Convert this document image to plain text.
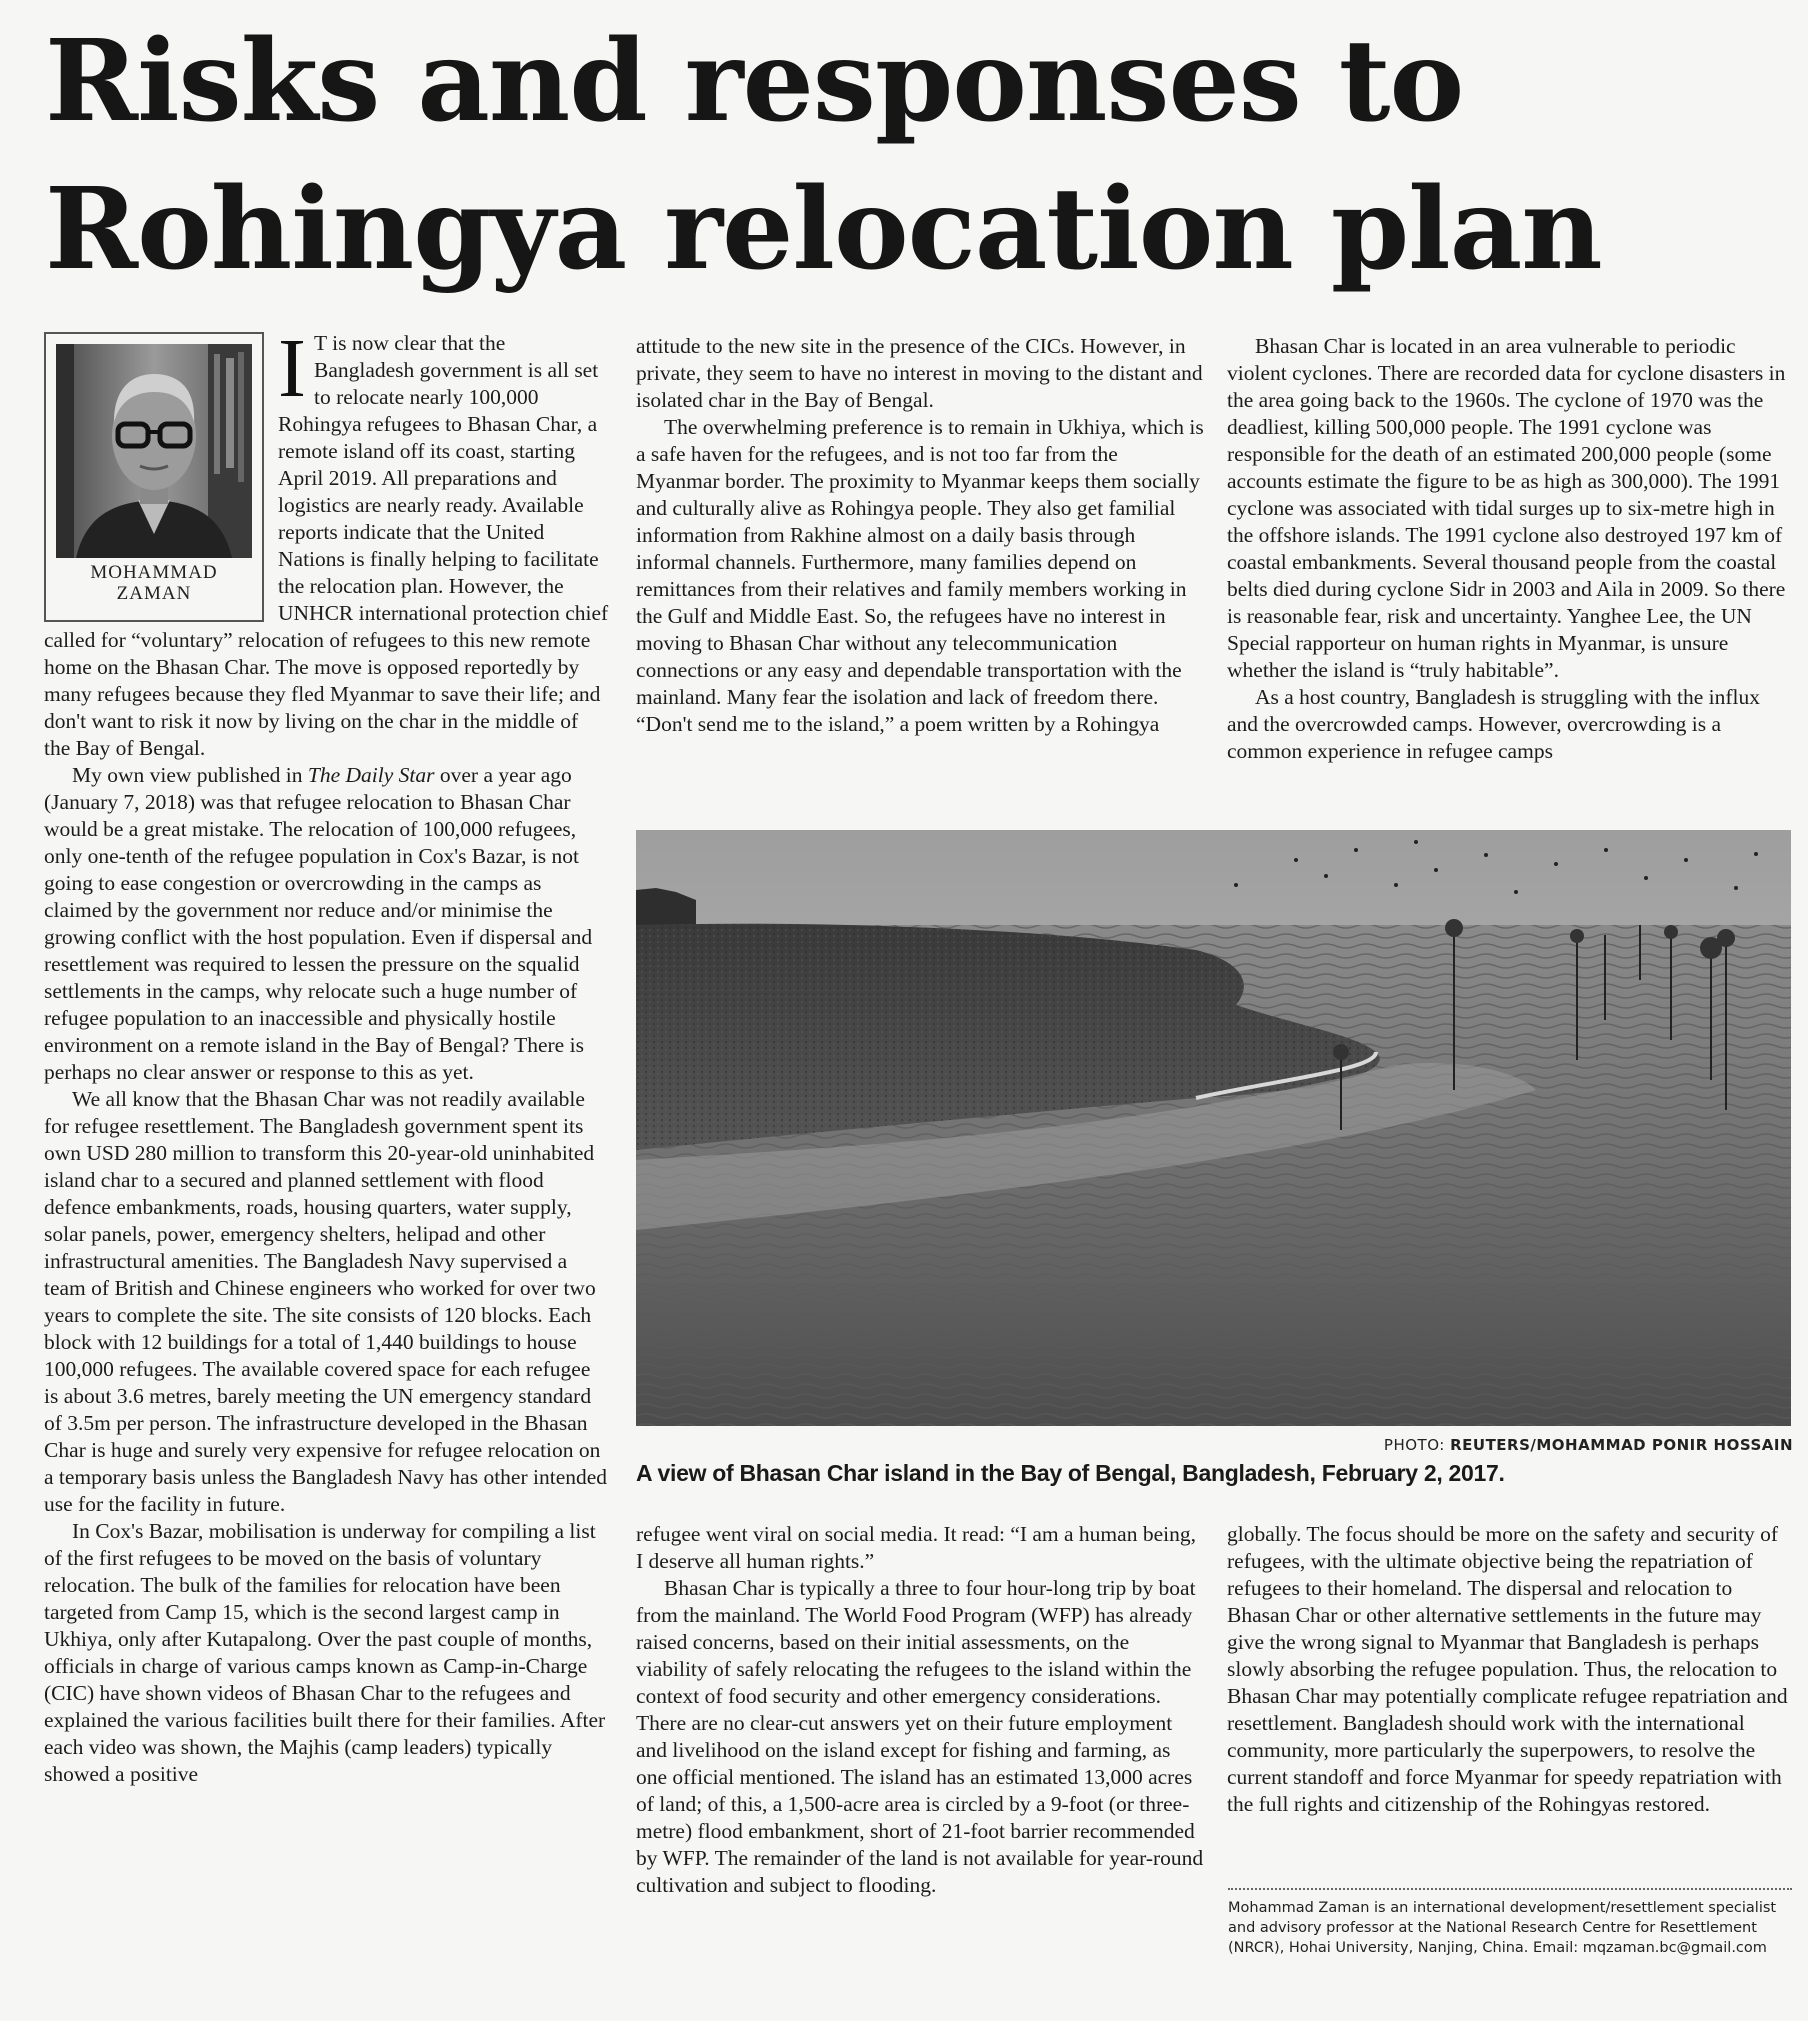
Risks and responses to Rohingya relocation plan
MOHAMMAD
ZAMAN
I T is now clear that the Bangladesh government is all set to relocate nearly 100,000 Rohingya refugees to Bhasan Char, a remote island off its coast, starting April 2019. All preparations and logistics are nearly ready. Available reports indicate that the United Nations is finally helping to facilitate the relocation plan. However, the UNHCR international protection chief called for “voluntary” relocation of refugees to this new remote home on the Bhasan Char. The move is opposed reportedly by many refugees because they fled Myanmar to save their life; and don't want to risk it now by living on the char in the middle of the Bay of Bengal.

My own view published in The Daily Star over a year ago (January 7, 2018) was that refugee relocation to Bhasan Char would be a great mistake. The relocation of 100,000 refugees, only one-tenth of the refugee population in Cox's Bazar, is not going to ease congestion or overcrowding in the camps as claimed by the government nor reduce and/or minimise the growing conflict with the host population. Even if dispersal and resettlement was required to lessen the pressure on the squalid settlements in the camps, why relocate such a huge number of refugee population to an inaccessible and physically hostile environment on a remote island in the Bay of Bengal? There is perhaps no clear answer or response to this as yet.

We all know that the Bhasan Char was not readily available for refugee resettlement. The Bangladesh government spent its own USD 280 million to transform this 20-year-old uninhabited island char to a secured and planned settlement with flood defence embankments, roads, housing quarters, water supply, solar panels, power, emergency shelters, helipad and other infrastructural amenities. The Bangladesh Navy supervised a team of British and Chinese engineers who worked for over two years to complete the site. The site consists of 120 blocks. Each block with 12 buildings for a total of 1,440 buildings to house 100,000 refugees. The available covered space for each refugee is about 3.6 metres, barely meeting the UN emergency standard of 3.5m per person. The infrastructure developed in the Bhasan Char is huge and surely very expensive for refugee relocation on a temporary basis unless the Bangladesh Navy has other intended use for the facility in future.

In Cox's Bazar, mobilisation is underway for compiling a list of the first refugees to be moved on the basis of voluntary relocation. The bulk of the families for relocation have been targeted from Camp 15, which is the second largest camp in Ukhiya, only after Kutapalong. Over the past couple of months, officials in charge of various camps known as Camp-in-Charge (CIC) have shown videos of Bhasan Char to the refugees and explained the various facilities built there for their families. After each video was shown, the Majhis (camp leaders) typically showed a positive

attitude to the new site in the presence of the CICs. However, in private, they seem to have no interest in moving to the distant and isolated char in the Bay of Bengal.

The overwhelming preference is to remain in Ukhiya, which is a safe haven for the refugees, and is not too far from the Myanmar border. The proximity to Myanmar keeps them socially and culturally alive as Rohingya people. They also get familial information from Rakhine almost on a daily basis through informal channels. Furthermore, many families depend on remittances from their relatives and family members working in the Gulf and Middle East. So, the refugees have no interest in moving to Bhasan Char without any telecommunication connections or any easy and dependable transportation with the mainland. Many fear the isolation and lack of freedom there. “Don't send me to the island,” a poem written by a Rohingya

Bhasan Char is located in an area vulnerable to periodic violent cyclones. There are recorded data for cyclone disasters in the area going back to the 1960s. The cyclone of 1970 was the deadliest, killing 500,000 people. The 1991 cyclone was responsible for the death of an estimated 200,000 people (some accounts estimate the figure to be as high as 300,000). The 1991 cyclone was associated with tidal surges up to six-metre high in the offshore islands. The 1991 cyclone also destroyed 197 km of coastal embankments. Several thousand people from the coastal belts died during cyclone Sidr in 2003 and Aila in 2009. So there is reasonable fear, risk and uncertainty. Yanghee Lee, the UN Special rapporteur on human rights in Myanmar, is unsure whether the island is “truly habitable”.

As a host country, Bangladesh is struggling with the influx and the overcrowded camps. However, overcrowding is a common experience in refugee camps

PHOTO: REUTERS/MOHAMMAD PONIR HOSSAIN
A view of Bhasan Char island in the Bay of Bengal, Bangladesh, February 2, 2017.

refugee went viral on social media. It read: “I am a human being, I deserve all human rights.”

Bhasan Char is typically a three to four hour-long trip by boat from the mainland. The World Food Program (WFP) has already raised concerns, based on their initial assessments, on the viability of safely relocating the refugees to the island within the context of food security and other emergency considerations. There are no clear-cut answers yet on their future employment and livelihood on the island except for fishing and farming, as one official mentioned. The island has an estimated 13,000 acres of land; of this, a 1,500-acre area is circled by a 9-foot (or three-metre) flood embankment, short of 21-foot barrier recommended by WFP. The remainder of the land is not available for year-round cultivation and subject to flooding.

globally. The focus should be more on the safety and security of refugees, with the ultimate objective being the repatriation of refugees to their homeland. The dispersal and relocation to Bhasan Char or other alternative settlements in the future may give the wrong signal to Myanmar that Bangladesh is perhaps slowly absorbing the refugee population. Thus, the relocation to Bhasan Char may potentially complicate refugee repatriation and resettlement. Bangladesh should work with the international community, more particularly the superpowers, to resolve the current standoff and force Myanmar for speedy repatriation with the full rights and citizenship of the Rohingyas restored.

Mohammad Zaman is an international development/resettlement specialist and advisory professor at the National Research Centre for Resettlement (NRCR), Hohai University, Nanjing, China. Email: mqzaman.bc@gmail.com
